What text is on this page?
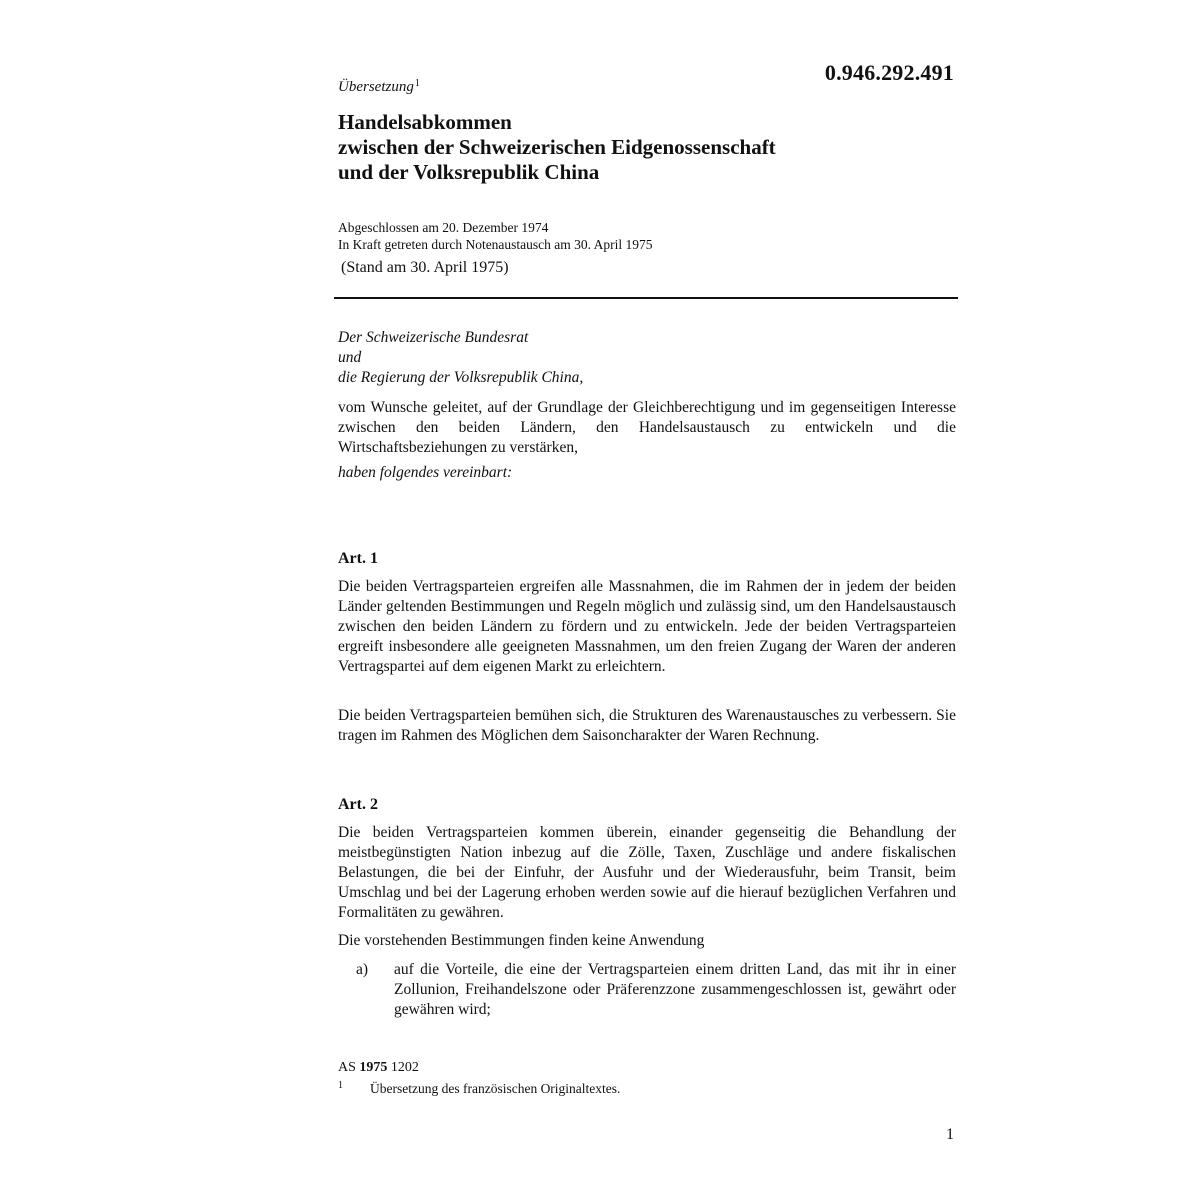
0.946.292.491
Übersetzung$^1$
Handelsabkommen
zwischen der Schweizerischen Eidgenossenschaft
und der Volksrepublik China
Abgeschlossen am 20. Dezember 1974
In Kraft getreten durch Notenaustausch am 30. April 1975
(Stand am 30. April 1975)
Der Schweizerische Bundesrat
und
die Regierung der Volksrepublik China,
vom Wunsche geleitet, auf der Grundlage der Gleichberechtigung und im gegenseitigen Interesse zwischen den beiden Ländern, den Handelsaustausch zu entwickeln und die Wirtschaftsbeziehungen zu verstärken,
haben folgendes vereinbart:
Art. 1
Die beiden Vertragsparteien ergreifen alle Massnahmen, die im Rahmen der in jedem der beiden Länder geltenden Bestimmungen und Regeln möglich und zulässig sind, um den Handelsaustausch zwischen den beiden Ländern zu fördern und zu entwickeln. Jede der beiden Vertragsparteien ergreift insbesondere alle geeigneten Massnahmen, um den freien Zugang der Waren der anderen Vertragspartei auf dem eigenen Markt zu erleichtern.
Die beiden Vertragsparteien bemühen sich, die Strukturen des Warenaustausches zu verbessern. Sie tragen im Rahmen des Möglichen dem Saisoncharakter der Waren Rechnung.
Art. 2
Die beiden Vertragsparteien kommen überein, einander gegenseitig die Behandlung der meistbegünstigten Nation inbezug auf die Zölle, Taxen, Zuschläge und andere fiskalischen Belastungen, die bei der Einfuhr, der Ausfuhr und der Wiederausfuhr, beim Transit, beim Umschlag und bei der Lagerung erhoben werden sowie auf die hierauf bezüglichen Verfahren und Formalitäten zu gewähren.
Die vorstehenden Bestimmungen finden keine Anwendung
a)	auf die Vorteile, die eine der Vertragsparteien einem dritten Land, das mit ihr in einer Zollunion, Freihandelszone oder Präferenzzone zusammengeschlossen ist, gewährt oder gewähren wird;
AS 1975 1202
1	Übersetzung des französischen Originaltextes.
1
